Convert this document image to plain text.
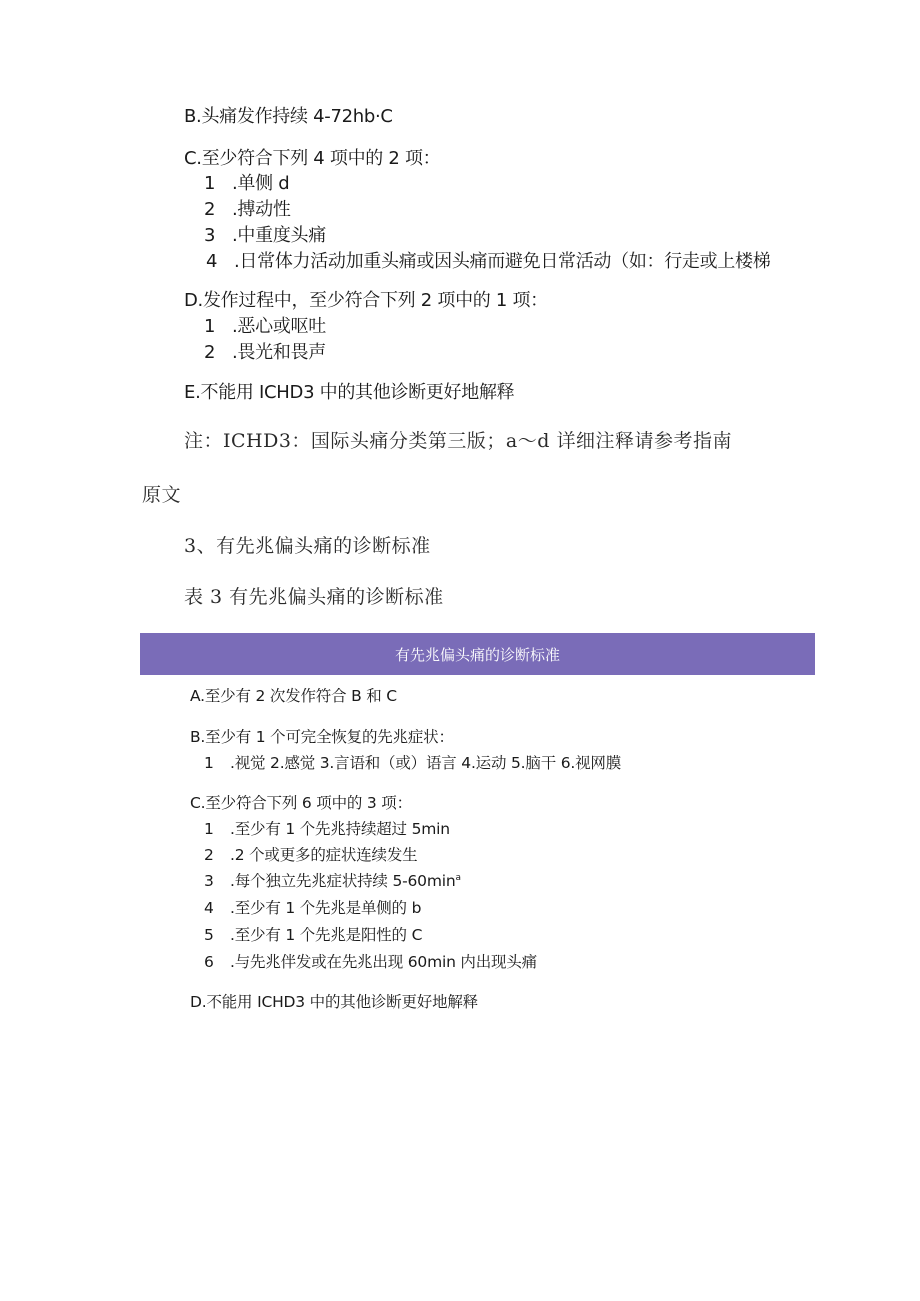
B.头痛发作持续 4-72hb·C
C.至少符合下列 4 项中的 2 项：
1 .单侧 d
2 .搏动性
3 .中重度头痛
4 .日常体力活动加重头痛或因头痛而避免日常活动（如：行走或上楼梯
D.发作过程中，至少符合下列 2 项中的 1 项：
1 .恶心或呕吐
2 .畏光和畏声
E.不能用 ICHD3 中的其他诊断更好地解释
注：ICHD3：国际头痛分类第三版；a～d 详细注释请参考指南
原文
3、有先兆偏头痛的诊断标准
表 3 有先兆偏头痛的诊断标准
有先兆偏头痛的诊断标准
A.至少有 2 次发作符合 B 和 C
B.至少有 1 个可完全恢复的先兆症状：
1 .视觉 2.感觉 3.言语和（或）语言 4.运动 5.脑干 6.视网膜
C.至少符合下列 6 项中的 3 项：
1 .至少有 1 个先兆持续超过 5min
2 .2 个或更多的症状连续发生
3 .每个独立先兆症状持续 $5-60\min^a$
4 .至少有 1 个先兆是单侧的 b
5 .至少有 1 个先兆是阳性的 C
6 .与先兆伴发或在先兆出现 60min 内出现头痛
D.不能用 ICHD3 中的其他诊断更好地解释
